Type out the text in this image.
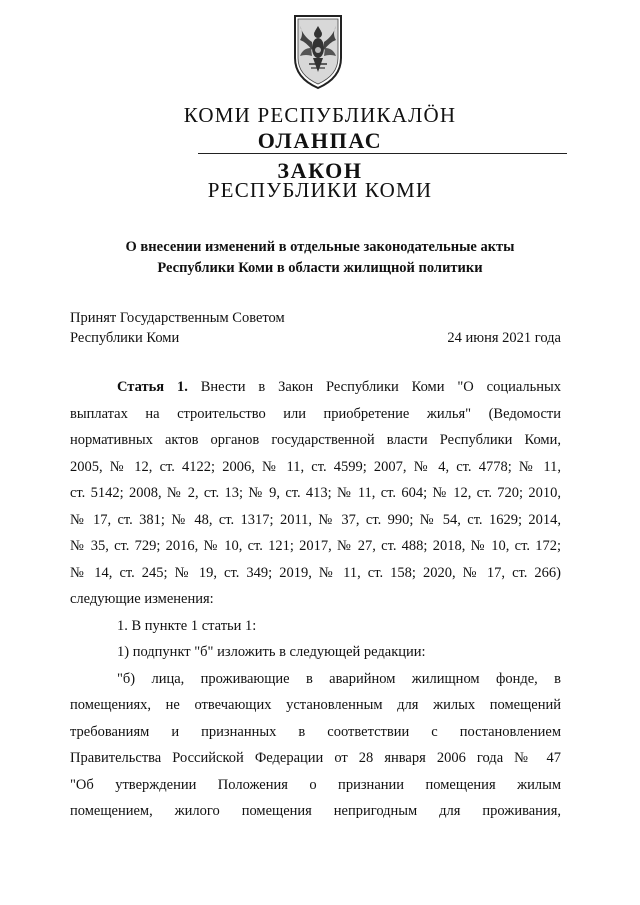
КОМИ РЕСПУБЛИКАЛÖН
ОЛАНПАС
ЗАКОН
РЕСПУБЛИКИ КОМИ
О внесении изменений в отдельные законодательные акты
Республики Коми в области жилищной политики
Принят Государственным Советом
Республики Коми	24 июня 2021 года
Статья 1. Внести в Закон Республики Коми "О социальных
выплатах на строительство или приобретение жилья" (Ведомости
нормативных актов органов государственной власти Республики Коми,
2005, № 12, ст. 4122; 2006, № 11, ст. 4599; 2007, № 4, ст. 4778; № 11,
ст. 5142; 2008, № 2, ст. 13; № 9, ст. 413; № 11, ст. 604; № 12, ст. 720; 2010,
№ 17, ст. 381; № 48, ст. 1317; 2011, № 37, ст. 990; № 54, ст. 1629; 2014,
№ 35, ст. 729; 2016, № 10, ст. 121; 2017, № 27, ст. 488; 2018, № 10, ст. 172;
№ 14, ст. 245; № 19, ст. 349; 2019, № 11, ст. 158; 2020, № 17, ст. 266)
следующие изменения:
1. В пункте 1 статьи 1:
1) подпункт "б" изложить в следующей редакции:
"б) лица, проживающие в аварийном жилищном фонде, в
помещениях, не отвечающих установленным для жилых помещений
требованиям и признанных в соответствии с постановлением
Правительства Российской Федерации от 28 января 2006 года № 47
"Об утверждении Положения о признании помещения жилым
помещением, жилого помещения непригодным для проживания,
